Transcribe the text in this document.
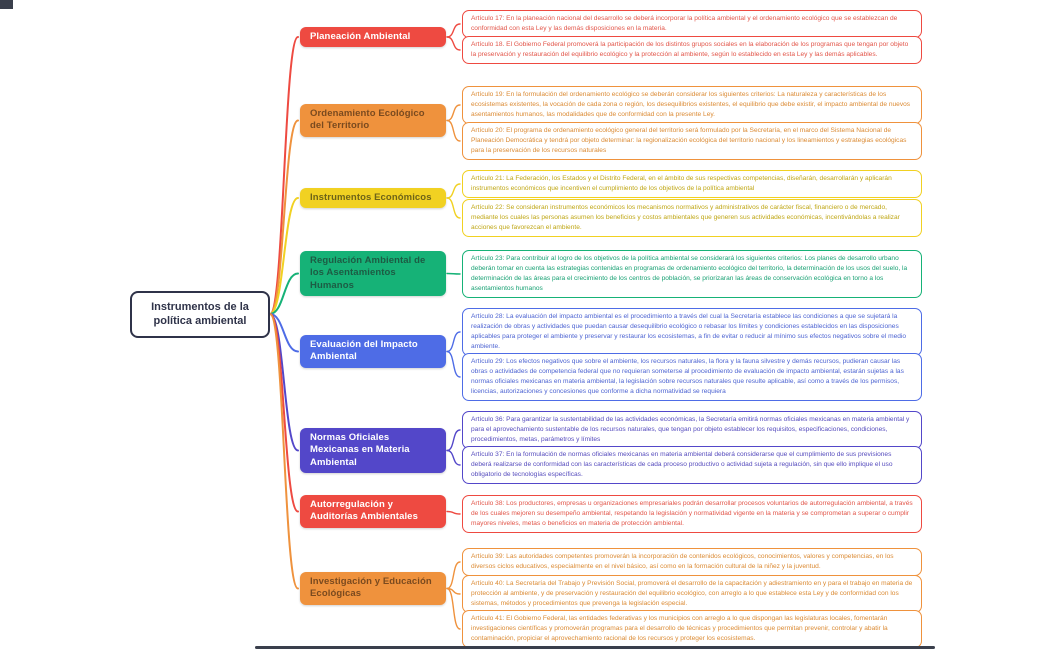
Instrumentos de la política ambiental
Planeación Ambiental
Artículo 17: En la planeación nacional del desarrollo se deberá incorporar la política ambiental y el ordenamiento ecológico que se establezcan de conformidad con esta Ley y las demás disposiciones en la materia.
Artículo 18. El Gobierno Federal promoverá la participación de los distintos grupos sociales en la elaboración de los programas que tengan por objeto la preservación y restauración del equilibrio ecológico y la protección al ambiente, según lo establecido en esta Ley y las demás aplicables.
Ordenamiento Ecológico del Territorio
Artículo 19: En la formulación del ordenamiento ecológico se deberán considerar los siguientes criterios: La naturaleza y características de los ecosistemas existentes, la vocación de cada zona o región, los desequilibrios existentes, el equilibrio que debe existir, el impacto ambiental de nuevos asentamientos humanos, las modalidades que de conformidad con la presente Ley.
Artículo 20: El programa de ordenamiento ecológico general del territorio será formulado por la Secretaría, en el marco del Sistema Nacional de Planeación Democrática y tendrá por objeto determinar: la regionalización ecológica del territorio nacional y los lineamientos y estrategias ecológicas para la preservación de los recursos naturales
Instrumentos Económicos
Artículo 21: La Federación, los Estados y el Distrito Federal, en el ámbito de sus respectivas competencias, diseñarán, desarrollarán y aplicarán instrumentos económicos que incentiven el cumplimiento de los objetivos de la política ambiental
Artículo 22: Se consideran instrumentos económicos los mecanismos normativos y administrativos de carácter fiscal, financiero o de mercado, mediante los cuales las personas asumen los beneficios y costos ambientales que generen sus actividades económicas, incentivándolas a realizar acciones que favorezcan el ambiente.
Regulación Ambiental de los Asentamientos Humanos
Artículo 23: Para contribuir al logro de los objetivos de la política ambiental se considerará los siguientes criterios: Los planes de desarrollo urbano deberán tomar en cuenta las estrategias contenidas en programas de ordenamiento ecológico del territorio, la determinación de los usos del suelo, la determinación de las áreas para el crecimiento de los centros de población, se priorizaran las áreas de conservación ecológica en torno a los asentamientos humanos
Evaluación del Impacto Ambiental
Artículo 28: La evaluación del impacto ambiental es el procedimiento a través del cual la Secretaría establece las condiciones a que se sujetará la realización de obras y actividades que puedan causar desequilibrio ecológico o rebasar los límites y condiciones establecidos en las disposiciones aplicables para proteger el ambiente y preservar y restaurar los ecosistemas, a fin de evitar o reducir al mínimo sus efectos negativos sobre el medio ambiente.
Artículo 29: Los efectos negativos que sobre el ambiente, los recursos naturales, la flora y la fauna silvestre y demás recursos, pudieran causar las obras o actividades de competencia federal que no requieran someterse al procedimiento de evaluación de impacto ambiental, estarán sujetas a las normas oficiales mexicanas en materia ambiental, la legislación sobre recursos naturales que resulte aplicable, así como a través de los permisos, licencias, autorizaciones y concesiones que conforme a dicha normatividad se requiera
Normas Oficiales Mexicanas en Materia Ambiental
Artículo 36: Para garantizar la sustentabilidad de las actividades económicas, la Secretaría emitirá normas oficiales mexicanas en materia ambiental y para el aprovechamiento sustentable de los recursos naturales, que tengan por objeto establecer los requisitos, especificaciones, condiciones, procedimientos, metas, parámetros y límites
Artículo 37: En la formulación de normas oficiales mexicanas en materia ambiental deberá considerarse que el cumplimiento de sus previsiones deberá realizarse de conformidad con las características de cada proceso productivo o actividad sujeta a regulación, sin que ello implique el uso obligatorio de tecnologías específicas.
Autorregulación y Auditorías Ambientales
Artículo 38: Los productores, empresas u organizaciones empresariales podrán desarrollar procesos voluntarios de autorregulación ambiental, a través de los cuales mejoren su desempeño ambiental, respetando la legislación y normatividad vigente en la materia y se comprometan a superar o cumplir mayores niveles, metas o beneficios en materia de protección ambiental.
Investigación y Educación Ecológicas
Artículo 39: Las autoridades competentes promoverán la incorporación de contenidos ecológicos, conocimientos, valores y competencias, en los diversos ciclos educativos, especialmente en el nivel básico, así como en la formación cultural de la niñez y la juventud.
Artículo 40: La Secretaría del Trabajo y Previsión Social, promoverá el desarrollo de la capacitación y adiestramiento en y para el trabajo en materia de protección al ambiente, y de preservación y restauración del equilibrio ecológico, con arreglo a lo que establece esta Ley y de conformidad con los sistemas, métodos y procedimientos que prevenga la legislación especial.
Artículo 41: El Gobierno Federal, las entidades federativas y los municipios con arreglo a lo que dispongan las legislaturas locales, fomentarán investigaciones científicas y promoverán programas para el desarrollo de técnicas y procedimientos que permitan prevenir, controlar y abatir la contaminación, propiciar el aprovechamiento racional de los recursos y proteger los ecosistemas.
